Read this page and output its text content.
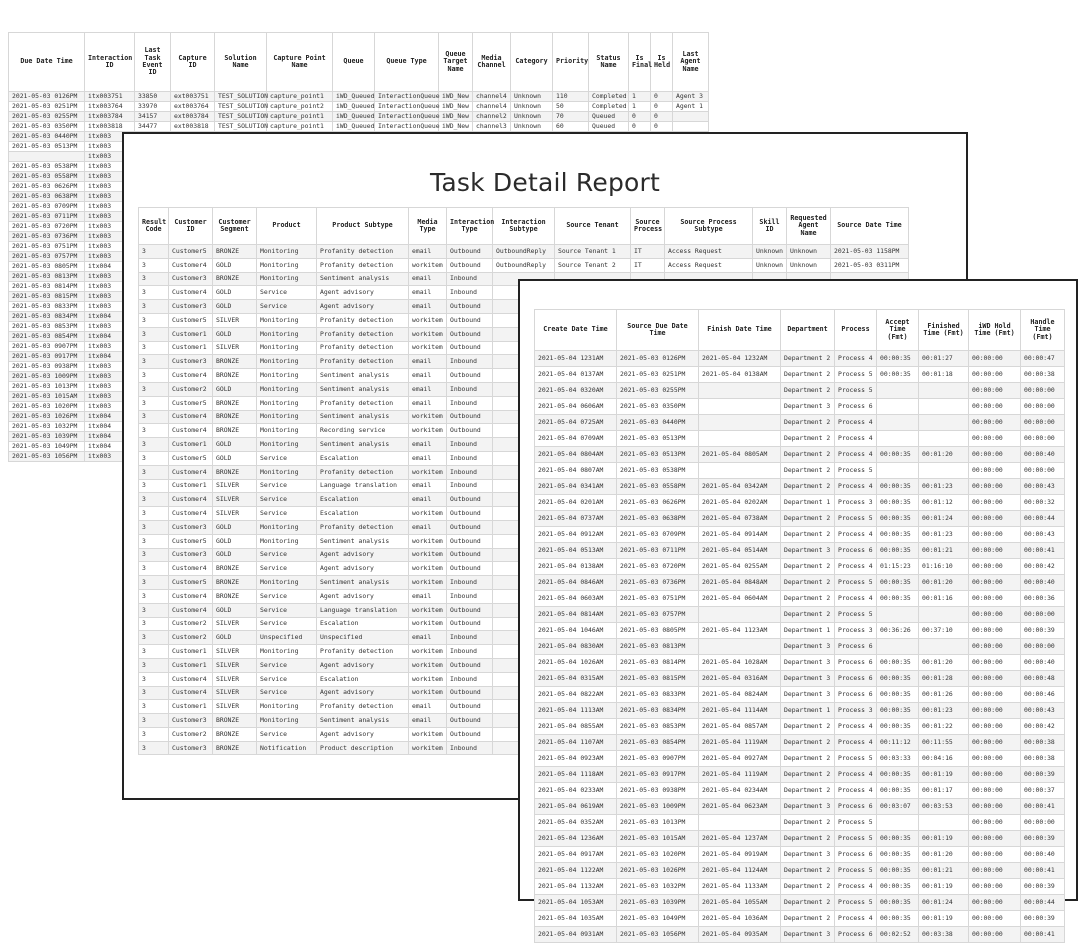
Due Date Time	Interaction ID	Last Task Event ID	Capture ID	Solution Name	Capture Point Name	Queue	Queue Type	Queue Target Name	Media Channel	Category	Priority	Status Name	Is Final	Is Held	Last Agent Name
2021-05-03 0126PM	itx003751	33850	ext003751	TEST_SOLUTION	capture_point1	iWD_Queued	InteractionQueue	iWD_New	channel4	Unknown	110	Completed	1	0	Agent 3
2021-05-03 0251PM	itx003764	33970	ext003764	TEST_SOLUTION	capture_point2	iWD_Queued	InteractionQueue	iWD_New	channel4	Unknown	50	Completed	1	0	Agent 1
2021-05-03 0255PM	itx003784	34157	ext003784	TEST_SOLUTION	capture_point1	iWD_Queued	InteractionQueue	iWD_New	channel2	Unknown	70	Queued	0	0	
2021-05-03 0350PM	itx003818	34477	ext003818	TEST_SOLUTION	capture_point1	iWD_Queued	InteractionQueue	iWD_New	channel3	Unknown	60	Queued	0	0	
2021-05-03 0440PM	itx003														
2021-05-03 0513PM	itx003														
	itx003														
2021-05-03 0538PM	itx003														
2021-05-03 0558PM	itx003														
2021-05-03 0626PM	itx003														
2021-05-03 0638PM	itx003														
2021-05-03 0709PM	itx003														
2021-05-03 0711PM	itx003														
2021-05-03 0720PM	itx003														
2021-05-03 0736PM	itx003														
2021-05-03 0751PM	itx003														
2021-05-03 0757PM	itx003														
2021-05-03 0805PM	itx004														
2021-05-03 0813PM	itx003														
2021-05-03 0814PM	itx003														
2021-05-03 0815PM	itx003														
2021-05-03 0833PM	itx003														
2021-05-03 0834PM	itx004														
2021-05-03 0853PM	itx003														
2021-05-03 0854PM	itx004														
2021-05-03 0907PM	itx003														
2021-05-03 0917PM	itx004														
2021-05-03 0938PM	itx003														
2021-05-03 1009PM	itx003														
2021-05-03 1013PM	itx003														
2021-05-03 1015AM	itx003														
2021-05-03 1020PM	itx003														
2021-05-03 1026PM	itx004														
2021-05-03 1032PM	itx004														
2021-05-03 1039PM	itx004														
2021-05-03 1049PM	itx004														
2021-05-03 1056PM	itx003														
Task Detail Report
Result Code	Customer ID	Customer Segment	Product	Product Subtype	Media Type	Interaction Type	Interaction Subtype	Source Tenant	Source Process	Source Process Subtype	Skill ID	Requested Agent Name	Source Date Time
3	Customer5	BRONZE	Monitoring	Profanity detection	email	Outbound	OutboundReply	Source Tenant 1	IT	Access Request	Unknown	Unknown	2021-05-03 1158PM
3	Customer4	GOLD	Monitoring	Profanity detection	workitem	Outbound	OutboundReply	Source Tenant 2	IT	Access Request	Unknown	Unknown	2021-05-03 0311PM
3	Customer3	BRONZE	Monitoring	Sentiment analysis	email	Inbound							
3	Customer4	GOLD	Service	Agent advisory	email	Inbound							
3	Customer3	GOLD	Service	Agent advisory	email	Outbound							
3	Customer5	SILVER	Monitoring	Profanity detection	workitem	Outbound							
3	Customer1	GOLD	Monitoring	Profanity detection	workitem	Outbound							
3	Customer1	SILVER	Monitoring	Profanity detection	workitem	Outbound							
3	Customer3	BRONZE	Monitoring	Profanity detection	email	Inbound							
3	Customer4	BRONZE	Monitoring	Sentiment analysis	email	Outbound							
3	Customer2	GOLD	Monitoring	Sentiment analysis	email	Inbound							
3	Customer5	BRONZE	Monitoring	Profanity detection	email	Inbound							
3	Customer4	BRONZE	Monitoring	Sentiment analysis	workitem	Outbound							
3	Customer4	BRONZE	Monitoring	Recording service	workitem	Outbound							
3	Customer1	GOLD	Monitoring	Sentiment analysis	email	Inbound							
3	Customer5	GOLD	Service	Escalation	email	Inbound							
3	Customer4	BRONZE	Monitoring	Profanity detection	workitem	Inbound							
3	Customer1	SILVER	Service	Language translation	email	Inbound							
3	Customer4	SILVER	Service	Escalation	email	Outbound							
3	Customer4	SILVER	Service	Escalation	workitem	Outbound							
3	Customer3	GOLD	Monitoring	Profanity detection	email	Outbound							
3	Customer5	GOLD	Monitoring	Sentiment analysis	workitem	Outbound							
3	Customer3	GOLD	Service	Agent advisory	workitem	Outbound							
3	Customer4	BRONZE	Service	Agent advisory	workitem	Outbound							
3	Customer5	BRONZE	Monitoring	Sentiment analysis	workitem	Inbound							
3	Customer4	BRONZE	Service	Agent advisory	email	Inbound							
3	Customer4	GOLD	Service	Language translation	workitem	Outbound							
3	Customer2	SILVER	Service	Escalation	workitem	Outbound							
3	Customer2	GOLD	Unspecified	Unspecified	email	Inbound							
3	Customer1	SILVER	Monitoring	Profanity detection	workitem	Inbound							
3	Customer1	SILVER	Service	Agent advisory	workitem	Outbound							
3	Customer4	SILVER	Service	Escalation	workitem	Inbound							
3	Customer4	SILVER	Service	Agent advisory	workitem	Outbound							
3	Customer1	SILVER	Monitoring	Profanity detection	email	Outbound							
3	Customer3	BRONZE	Monitoring	Sentiment analysis	email	Outbound							
3	Customer2	BRONZE	Service	Agent advisory	workitem	Outbound							
3	Customer3	BRONZE	Notification	Product description	workitem	Inbound							
Create Date Time	Source Due Date Time	Finish Date Time	Department	Process	Accept Time (Fmt)	Finished Time (Fmt)	iWD Hold Time (Fmt)	Handle Time (Fmt)
2021-05-04 1231AM	2021-05-03 0126PM	2021-05-04 1232AM	Department 2	Process 4	00:00:35	00:01:27	00:00:00	00:00:47
2021-05-04 0137AM	2021-05-03 0251PM	2021-05-04 0138AM	Department 2	Process 5	00:00:35	00:01:18	00:00:00	00:00:38
2021-05-04 0320AM	2021-05-03 0255PM		Department 2	Process 5			00:00:00	00:00:00
2021-05-04 0606AM	2021-05-03 0350PM		Department 3	Process 6			00:00:00	00:00:00
2021-05-04 0725AM	2021-05-03 0440PM		Department 2	Process 4			00:00:00	00:00:00
2021-05-04 0709AM	2021-05-03 0513PM		Department 2	Process 4			00:00:00	00:00:00
2021-05-04 0804AM	2021-05-03 0513PM	2021-05-04 0805AM	Department 2	Process 4	00:00:35	00:01:20	00:00:00	00:00:40
2021-05-04 0807AM	2021-05-03 0538PM		Department 2	Process 5			00:00:00	00:00:00
2021-05-04 0341AM	2021-05-03 0558PM	2021-05-04 0342AM	Department 2	Process 4	00:00:35	00:01:23	00:00:00	00:00:43
2021-05-04 0201AM	2021-05-03 0626PM	2021-05-04 0202AM	Department 1	Process 3	00:00:35	00:01:12	00:00:00	00:00:32
2021-05-04 0737AM	2021-05-03 0638PM	2021-05-04 0738AM	Department 2	Process 5	00:00:35	00:01:24	00:00:00	00:00:44
2021-05-04 0912AM	2021-05-03 0709PM	2021-05-04 0914AM	Department 2	Process 4	00:00:35	00:01:23	00:00:00	00:00:43
2021-05-04 0513AM	2021-05-03 0711PM	2021-05-04 0514AM	Department 3	Process 6	00:00:35	00:01:21	00:00:00	00:00:41
2021-05-04 0138AM	2021-05-03 0720PM	2021-05-04 0255AM	Department 2	Process 4	01:15:23	01:16:10	00:00:00	00:00:42
2021-05-04 0846AM	2021-05-03 0736PM	2021-05-04 0848AM	Department 2	Process 5	00:00:35	00:01:20	00:00:00	00:00:40
2021-05-04 0603AM	2021-05-03 0751PM	2021-05-04 0604AM	Department 2	Process 4	00:00:35	00:01:16	00:00:00	00:00:36
2021-05-04 0814AM	2021-05-03 0757PM		Department 2	Process 5			00:00:00	00:00:00
2021-05-04 1046AM	2021-05-03 0805PM	2021-05-04 1123AM	Department 1	Process 3	00:36:26	00:37:10	00:00:00	00:00:39
2021-05-04 0830AM	2021-05-03 0813PM		Department 3	Process 6			00:00:00	00:00:00
2021-05-04 1026AM	2021-05-03 0814PM	2021-05-04 1028AM	Department 3	Process 6	00:00:35	00:01:20	00:00:00	00:00:40
2021-05-04 0315AM	2021-05-03 0815PM	2021-05-04 0316AM	Department 3	Process 6	00:00:35	00:01:28	00:00:00	00:00:48
2021-05-04 0822AM	2021-05-03 0833PM	2021-05-04 0824AM	Department 3	Process 6	00:00:35	00:01:26	00:00:00	00:00:46
2021-05-04 1113AM	2021-05-03 0834PM	2021-05-04 1114AM	Department 1	Process 3	00:00:35	00:01:23	00:00:00	00:00:43
2021-05-04 0855AM	2021-05-03 0853PM	2021-05-04 0857AM	Department 2	Process 4	00:00:35	00:01:22	00:00:00	00:00:42
2021-05-04 1107AM	2021-05-03 0854PM	2021-05-04 1119AM	Department 2	Process 4	00:11:12	00:11:55	00:00:00	00:00:38
2021-05-04 0923AM	2021-05-03 0907PM	2021-05-04 0927AM	Department 2	Process 5	00:03:33	00:04:16	00:00:00	00:00:38
2021-05-04 1118AM	2021-05-03 0917PM	2021-05-04 1119AM	Department 2	Process 4	00:00:35	00:01:19	00:00:00	00:00:39
2021-05-04 0233AM	2021-05-03 0938PM	2021-05-04 0234AM	Department 2	Process 4	00:00:35	00:01:17	00:00:00	00:00:37
2021-05-04 0619AM	2021-05-03 1009PM	2021-05-04 0623AM	Department 3	Process 6	00:03:07	00:03:53	00:00:00	00:00:41
2021-05-04 0352AM	2021-05-03 1013PM		Department 2	Process 5			00:00:00	00:00:00
2021-05-04 1236AM	2021-05-03 1015AM	2021-05-04 1237AM	Department 2	Process 5	00:00:35	00:01:19	00:00:00	00:00:39
2021-05-04 0917AM	2021-05-03 1020PM	2021-05-04 0919AM	Department 3	Process 6	00:00:35	00:01:20	00:00:00	00:00:40
2021-05-04 1122AM	2021-05-03 1026PM	2021-05-04 1124AM	Department 2	Process 5	00:00:35	00:01:21	00:00:00	00:00:41
2021-05-04 1132AM	2021-05-03 1032PM	2021-05-04 1133AM	Department 2	Process 4	00:00:35	00:01:19	00:00:00	00:00:39
2021-05-04 1053AM	2021-05-03 1039PM	2021-05-04 1055AM	Department 2	Process 5	00:00:35	00:01:24	00:00:00	00:00:44
2021-05-04 1035AM	2021-05-03 1049PM	2021-05-04 1036AM	Department 2	Process 4	00:00:35	00:01:19	00:00:00	00:00:39
2021-05-04 0931AM	2021-05-03 1056PM	2021-05-04 0935AM	Department 3	Process 6	00:02:52	00:03:38	00:00:00	00:00:41
